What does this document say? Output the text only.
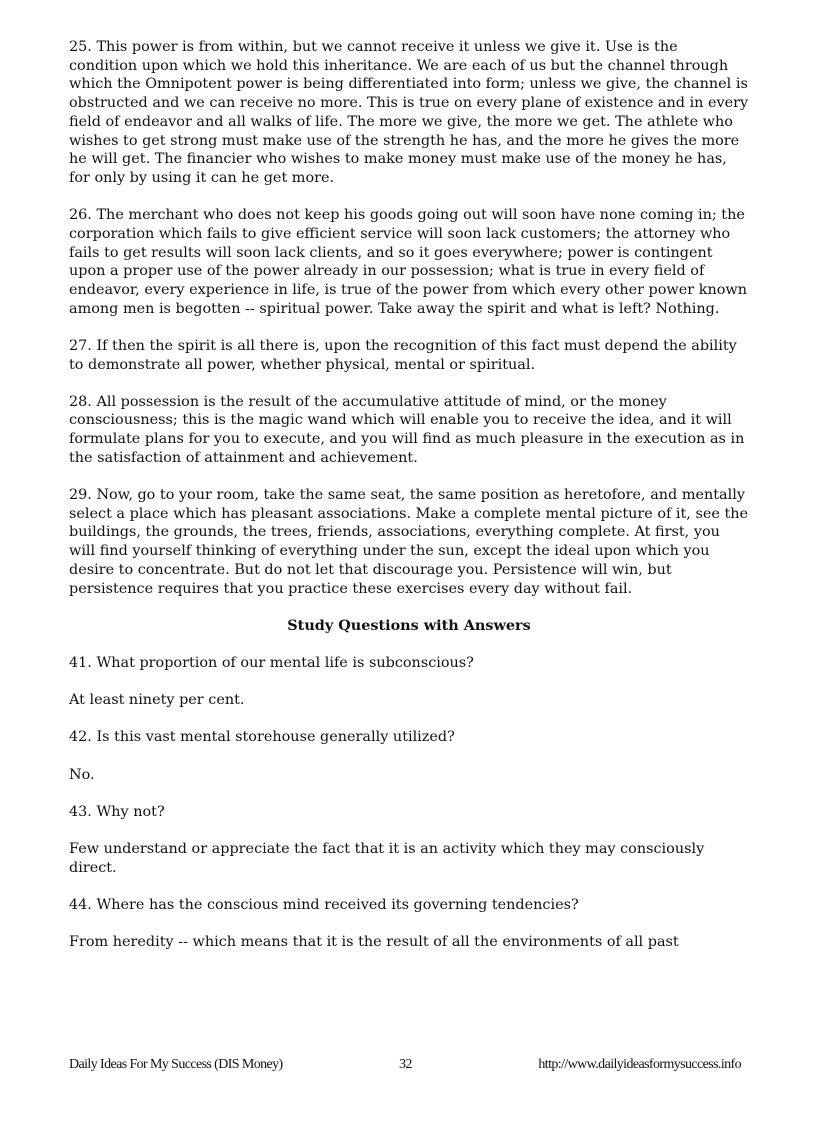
25. This power is from within, but we cannot receive it unless we give it. Use is the condition upon which we hold this inheritance. We are each of us but the channel through which the Omnipotent power is being differentiated into form; unless we give, the channel is obstructed and we can receive no more. This is true on every plane of existence and in every field of endeavor and all walks of life. The more we give, the more we get. The athlete who wishes to get strong must make use of the strength he has, and the more he gives the more he will get. The financier who wishes to make money must make use of the money he has, for only by using it can he get more.

26. The merchant who does not keep his goods going out will soon have none coming in; the corporation which fails to give efficient service will soon lack customers; the attorney who fails to get results will soon lack clients, and so it goes everywhere; power is contingent upon a proper use of the power already in our possession; what is true in every field of endeavor, every experience in life, is true of the power from which every other power known among men is begotten -- spiritual power. Take away the spirit and what is left? Nothing.

27. If then the spirit is all there is, upon the recognition of this fact must depend the ability to demonstrate all power, whether physical, mental or spiritual.

28. All possession is the result of the accumulative attitude of mind, or the money consciousness; this is the magic wand which will enable you to receive the idea, and it will formulate plans for you to execute, and you will find as much pleasure in the execution as in the satisfaction of attainment and achievement.

29. Now, go to your room, take the same seat, the same position as heretofore, and mentally select a place which has pleasant associations. Make a complete mental picture of it, see the buildings, the grounds, the trees, friends, associations, everything complete. At first, you will find yourself thinking of everything under the sun, except the ideal upon which you desire to concentrate. But do not let that discourage you. Persistence will win, but persistence requires that you practice these exercises every day without fail.

Study Questions with Answers

41. What proportion of our mental life is subconscious?

At least ninety per cent.

42. Is this vast mental storehouse generally utilized?

No.

43. Why not?

Few understand or appreciate the fact that it is an activity which they may consciously direct.

44. Where has the conscious mind received its governing tendencies?

From heredity -- which means that it is the result of all the environments of all past

Daily Ideas For My Success (DIS Money)	32	http://www.dailyideasformysuccess.info
